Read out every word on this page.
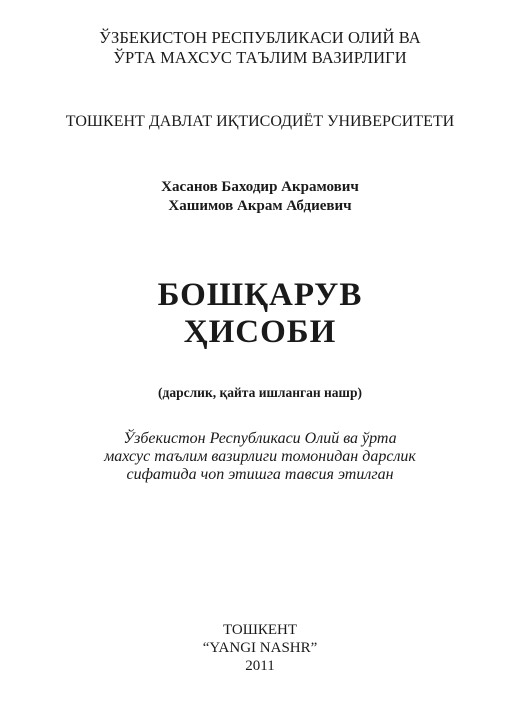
ЎЗБЕКИСТОН РЕСПУБЛИКАСИ ОЛИЙ ВА
ЎРТА МАХСУС ТАЪЛИМ ВАЗИРЛИГИ
ТОШКЕНТ ДАВЛАТ ИҚТИСОДИЁТ УНИВЕРСИТЕТИ
Хасанов Баходир Акрамович
Хашимов Акрам Абдиевич
БОШҚАРУВ
ҲИСОБИ
(дарслик, қайта ишланган нашр)
Ўзбекистон Республикаси Олий ва ўрта
махсус таълим вазирлиги томонидан дарслик
сифатида чоп этишга тавсия этилган
ТОШКЕНТ
“YANGI NASHR”
2011
